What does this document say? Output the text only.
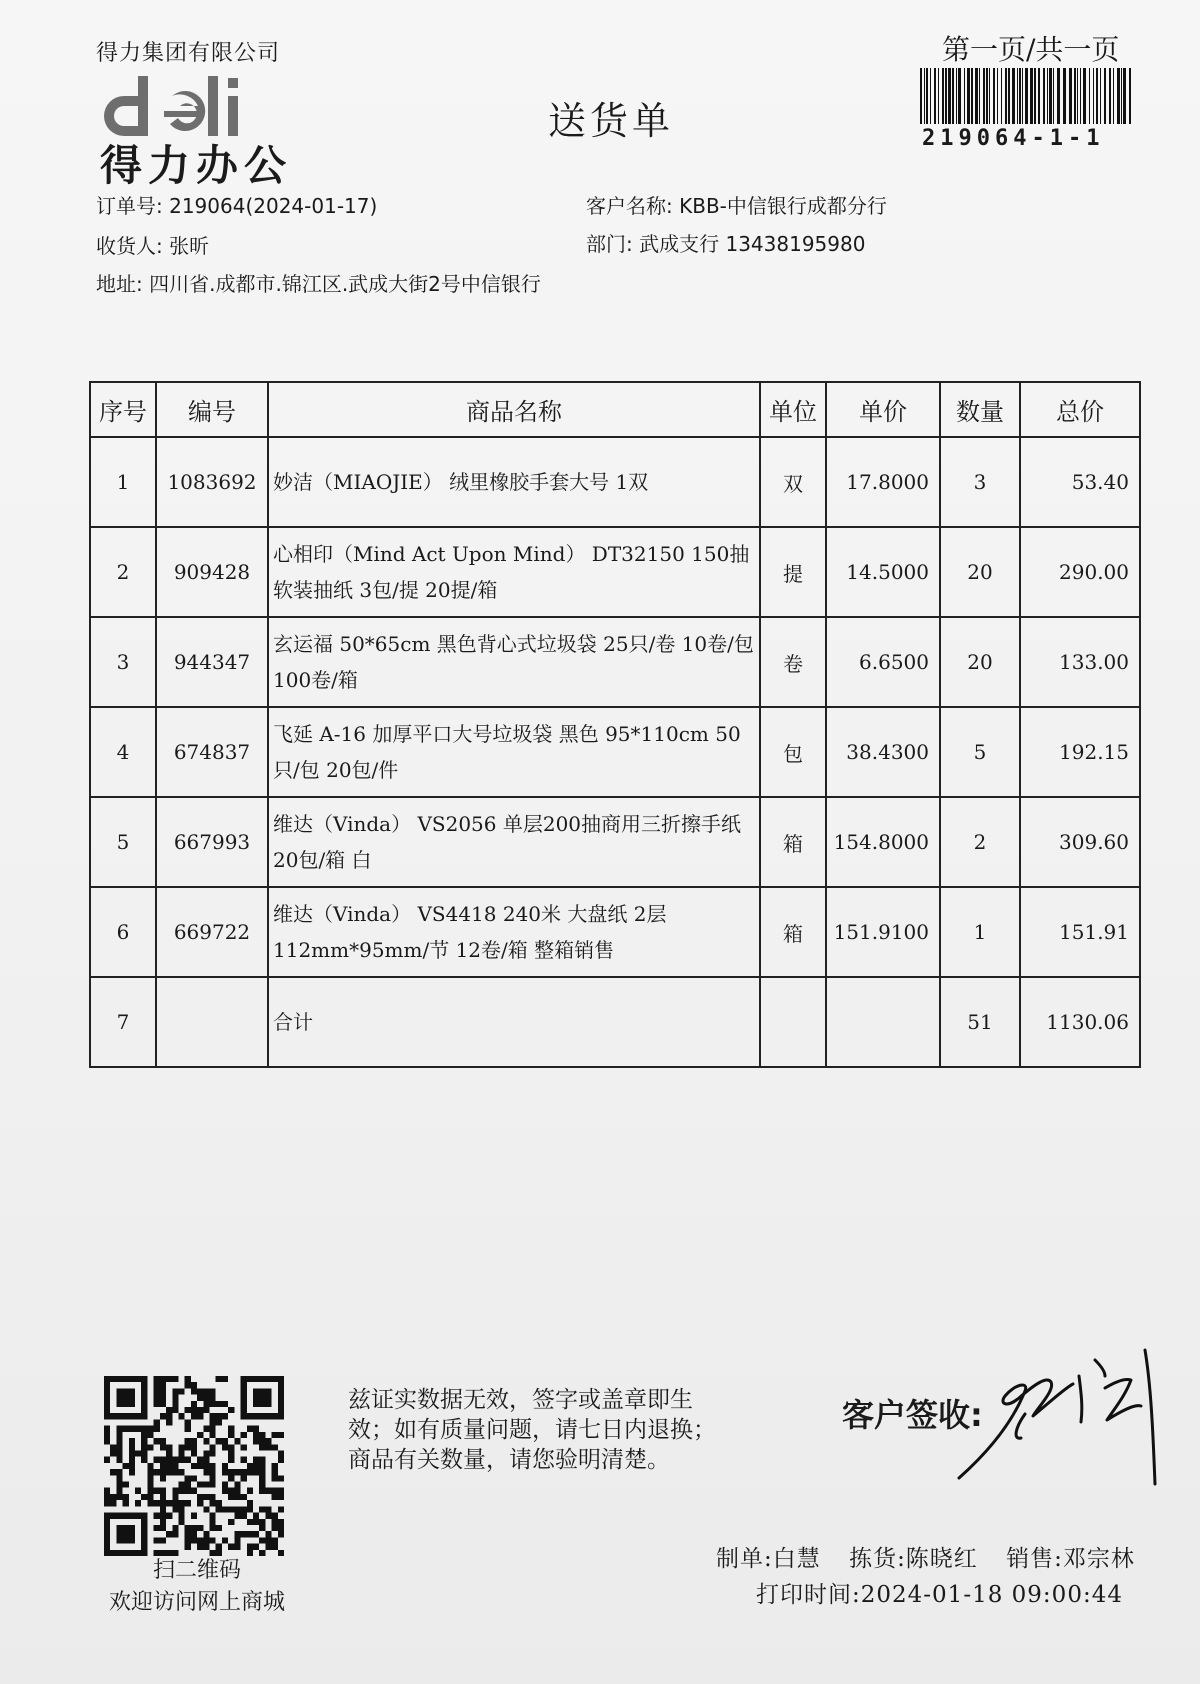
得力集团有限公司
得力办公
送货单
第一页/共一页
219064-1-1
订单号: 219064(2024-01-17)	客户名称: KBB-中信银行成都分行
收货人: 张昕	部门: 武成支行 13438195980
地址: 四川省.成都市.锦江区.武成大街2号中信银行
序号	编号	商品名称	单位	单价	数量	总价
1	1083692	妙洁（MIAOJIE） 绒里橡胶手套大号 1双	双	17.8000	3	53.40
2	909428	心相印（Mind Act Upon Mind） DT32150 150抽软装抽纸 3包/提 20提/箱	提	14.5000	20	290.00
3	944347	玄运福 50*65cm 黑色背心式垃圾袋 25只/卷 10卷/包 100卷/箱	卷	6.6500	20	133.00
4	674837	飞延 A-16 加厚平口大号垃圾袋 黑色 95*110cm 50只/包 20包/件	包	38.4300	5	192.15
5	667993	维达（Vinda） VS2056 单层200抽商用三折擦手纸 20包/箱 白	箱	154.8000	2	309.60
6	669722	维达（Vinda） VS4418 240米 大盘纸 2层 112mm*95mm/节 12卷/箱 整箱销售	箱	151.9100	1	151.91
7		合计			51	1130.06
扫二维码
欢迎访问网上商城
兹证实数据无效，签字或盖章即生
效；如有质量问题，请七日内退换；
商品有关数量，请您验明清楚。
客户签收:
制单:白慧 拣货:陈晓红 销售:邓宗林
打印时间:2024-01-18 09:00:44
